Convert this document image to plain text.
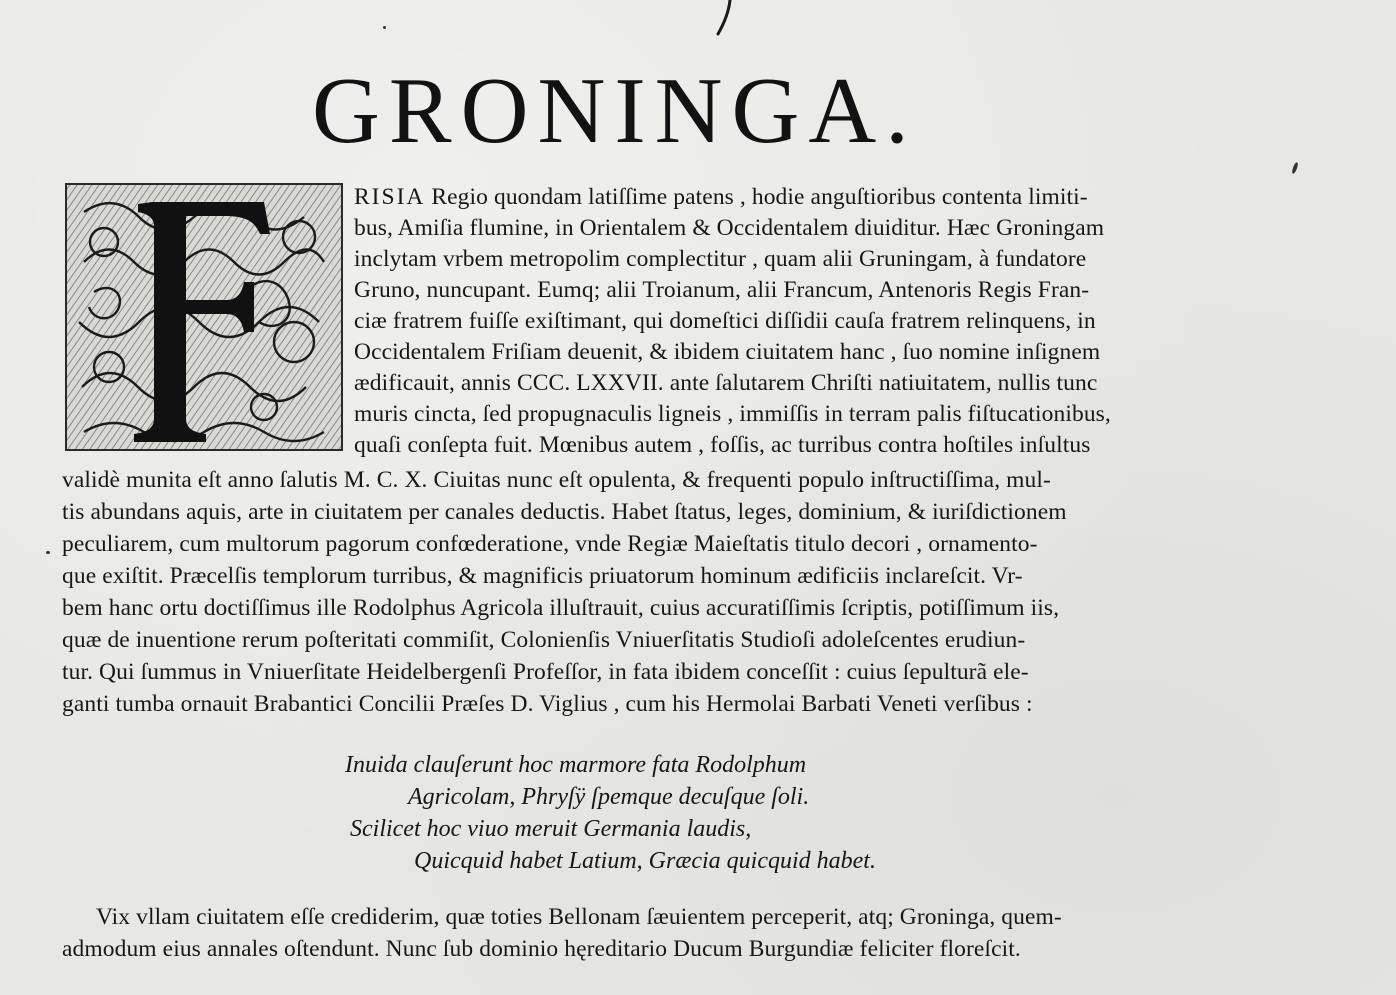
GRONINGA.

RISIA Regio quondam latiſſime patens , hodie anguſtioribus contenta limiti-

bus, Amiſia flumine, in Orientalem & Occidentalem diuiditur. Hæc Groningam

inclytam vrbem metropolim complectitur , quam alii Gruningam, à fundatore

Gruno, nuncupant. Eumq; alii Troianum, alii Francum, Antenoris Regis Fran-

ciæ fratrem fuiſſe exiſtimant, qui domeſtici diſſidii cauſa fratrem relinquens, in

Occidentalem Friſiam deuenit, & ibidem ciuitatem hanc , ſuo nomine inſignem

ædificauit, annis CCC. LXXVII. ante ſalutarem Chriſti natiuitatem, nullis tunc

muris cincta, ſed propugnaculis ligneis , immiſſis in terram palis fiſtucationibus,

quaſi conſepta fuit. Mœnibus autem , foſſis, ac turribus contra hoſtiles inſultus

validè munita eſt anno ſalutis M. C. X. Ciuitas nunc eſt opulenta, & frequenti populo inſtructiſſima, mul-

tis abundans aquis, arte in ciuitatem per canales deductis. Habet ſtatus, leges, dominium, & iuriſdictionem

peculiarem, cum multorum pagorum confœderatione, vnde Regiæ Maieſtatis titulo decori , ornamento-

que exiſtit. Præcelſis templorum turribus, & magnificis priuatorum hominum ædificiis inclareſcit. Vr-

bem hanc ortu doctiſſimus ille Rodolphus Agricola illuſtrauit, cuius accuratiſſimis ſcriptis, potiſſimum iis,

quæ de inuentione rerum poſteritati commiſit, Colonienſis Vniuerſitatis Studioſi adoleſcentes erudiun-

tur. Qui ſummus in Vniuerſitate Heidelbergenſi Profeſſor, in fata ibidem conceſſit : cuius ſepulturã ele-

ganti tumba ornauit Brabantici Concilii Præſes D. Viglius , cum his Hermolai Barbati Veneti verſibus :

Inuida clauſerunt hoc marmore fata Rodolphum

Agricolam, Phryſÿ ſpemque decuſque ſoli.

Scilicet hoc viuo meruit Germania laudis,

Quicquid habet Latium, Græcia quicquid habet.

Vix vllam ciuitatem eſſe crediderim, quæ toties Bellonam ſæuientem perceperit, atq; Groninga, quem-

admodum eius annales oſtendunt. Nunc ſub dominio hęreditario Ducum Burgundiæ feliciter floreſcit.
